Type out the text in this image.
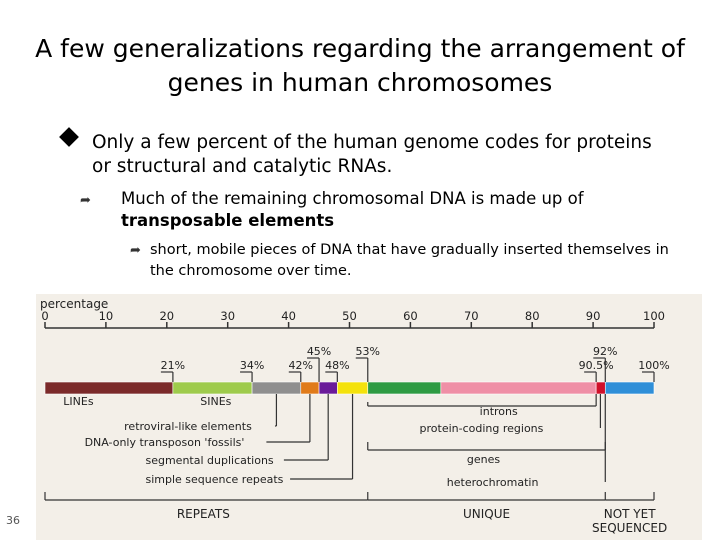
A few generalizations regarding the arrangement of
genes in human chromosomes
Only a few percent of the human genome codes for proteins or structural and catalytic RNAs.
➦ Much of the remaining chromosomal DNA is made up of
transposable elements
➦ short, mobile pieces of DNA that have gradually inserted themselves in the chromosome over time.
percentage
0	10	20	30	40	50	60	70	80	90	100
21%	34% 42%
45%
48%
53%	92%
90.5% 100%
LINEs	SINEs
retroviral-like elements
DNA-only transposon 'fossils'
segmental duplications
simple sequence repeats
introns
protein-coding regions
genes
heterochromatin
REPEATS	UNIQUE	NOT YET
SEQUENCED
36
